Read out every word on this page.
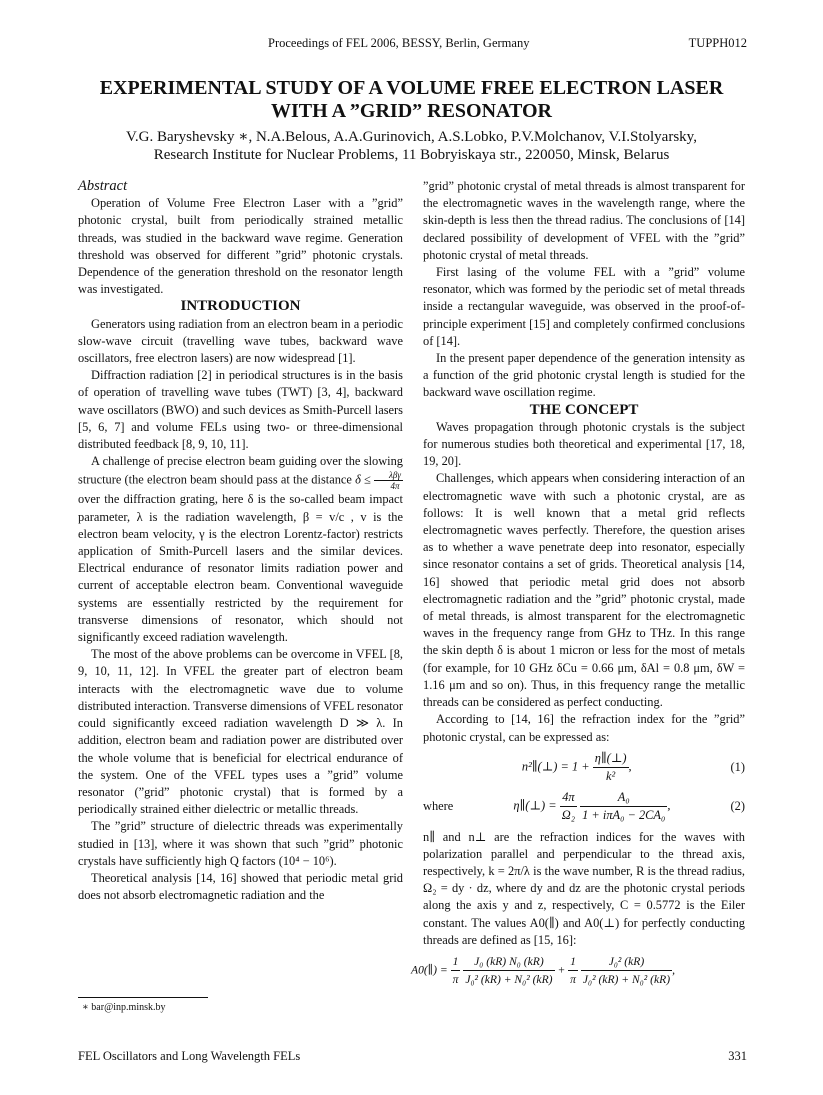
Proceedings of FEL 2006, BESSY, Berlin, Germany	TUPPH012
EXPERIMENTAL STUDY OF A VOLUME FREE ELECTRON LASER
WITH A ”GRID” RESONATOR
V.G. Baryshevsky ∗, N.A.Belous, A.A.Gurinovich, A.S.Lobko, P.V.Molchanov, V.I.Stolyarsky,
Research Institute for Nuclear Problems, 11 Bobryiskaya str., 220050, Minsk, Belarus

Abstract

Operation of Volume Free Electron Laser with a ”grid” photonic crystal, built from periodically strained metallic threads, was studied in the backward wave regime. Generation threshold was observed for different ”grid” photonic crystals. Dependence of the generation threshold on the resonator length was investigated.

INTRODUCTION

Generators using radiation from an electron beam in a periodic slow-wave circuit (travelling wave tubes, backward wave oscillators, free electron lasers) are now widespread [1].

Diffraction radiation [2] in periodical structures is in the basis of operation of travelling wave tubes (TWT) [3, 4], backward wave oscillators (BWO) and such devices as Smith-Purcell lasers [5, 6, 7] and volume FELs using two- or three-dimensional distributed feedback [8, 9, 10, 11].

A challenge of precise electron beam guiding over the slowing structure (the electron beam should pass at the distance $\delta \le \frac{\text{λβγ}}{4\pi}$
over the diffraction grating, here δ is the so-called beam impact parameter, λ is the radiation wavelength, β = v/c , v is the electron beam velocity, γ is the electron Lorentz-factor) restricts application of Smith-Purcell lasers and the similar devices. Electrical endurance of resonator limits radiation power and current of acceptable electron beam. Conventional waveguide systems are essentially restricted by the requirement for transverse dimensions of resonator, which should not significantly exceed radiation wavelength.

The most of the above problems can be overcome in VFEL [8, 9, 10, 11, 12]. In VFEL the greater part of electron beam interacts with the electromagnetic wave due to volume distributed interaction. Transverse dimensions of VFEL resonator could significantly exceed radiation wavelength D ≫ λ. In addition, electron beam and radiation power are distributed over the whole volume that is beneficial for electrical endurance of the system. One of the VFEL types uses a ”grid” volume resonator (”grid” photonic crystal) that is formed by a periodically strained either dielectric or metallic threads.

The ”grid” structure of dielectric threads was experimentally studied in [13], where it was shown that such ”grid” photonic crystals have sufficiently high Q factors (10⁴ − 10⁶).

Theoretical analysis [14, 16] showed that periodic metal grid does not absorb electromagnetic radiation and the

”grid” photonic crystal of metal threads is almost transparent for the electromagnetic waves in the wavelength range, where the skin-depth is less then the thread radius. The conclusions of [14] declared possibility of development of VFEL with the ”grid” photonic crystal of metal threads.

First lasing of the volume FEL with a ”grid” volume resonator, which was formed by the periodic set of metal threads inside a rectangular waveguide, was observed in the proof-of-principle experiment [15] and completely confirmed conclusions of [14].

In the present paper dependence of the generation intensity as a function of the grid photonic crystal length is studied for the backward wave oscillation regime.

THE CONCEPT

Waves propagation through photonic crystals is the subject for numerous studies both theoretical and experimental [17, 18, 19, 20].

Challenges, which appears when considering interaction of an electromagnetic wave with such a photonic crystal, are as follows: It is well known that a metal grid reflects electromagnetic waves perfectly. Therefore, the question arises as to whether a wave penetrate deep into resonator, especially since resonator contains a set of grids. Theoretical analysis [14, 16] showed that periodic metal grid does not absorb electromagnetic radiation and the ”grid” photonic crystal, made of metal threads, is almost transparent for the electromagnetic waves in the frequency range from GHz to THz. In this range the skin depth δ is about 1 micron or less for the most of metals (for example, for 10 GHz δCu = 0.66 μm, δAl = 0.8 μm, δW = 1.16 μm and so on). Thus, in this frequency range the metallic threads can be considered as perfect conducting.

According to [14, 16] the refraction index for the ”grid” photonic crystal, can be expressed as:

n²∥(⊥) = $1 + \frac{\eta\parallel(\perp)}{\text{k²}}$ ,	(1)
where	η∥(⊥) = $\frac{4\pi}{\text{Ω₂}}$
$\frac{\text{A₀}}{\text{1 + iπA₀ − 2CA₀}}$ ,	(2)

n∥ and n⊥ are the refraction indices for the waves with polarization parallel and perpendicular to the thread axis, respectively, k = 2π/λ is the wave number, R is the thread radius, Ω₂ = dy · dz, where dy and dz are the photonic crystal periods along the axis y and z, respectively, C = 0.5772 is the Eiler constant. The values A0(∥) and A0(⊥) for perfectly conducting threads are defined as [15, 16]:

A0(∥) = $\frac{1}{\pi}$
$\frac{\text{J₀ (kR) N₀ (kR)}}{\text{J₀² (kR) + N₀² (kR)}} + \frac{1}{\pi}$
$\frac{\text{J₀² (kR)}}{\text{J₀² (kR) + N₀² (kR)}}$ ,
∗ bar@inp.minsk.by
FEL Oscillators and Long Wavelength FELs	331
